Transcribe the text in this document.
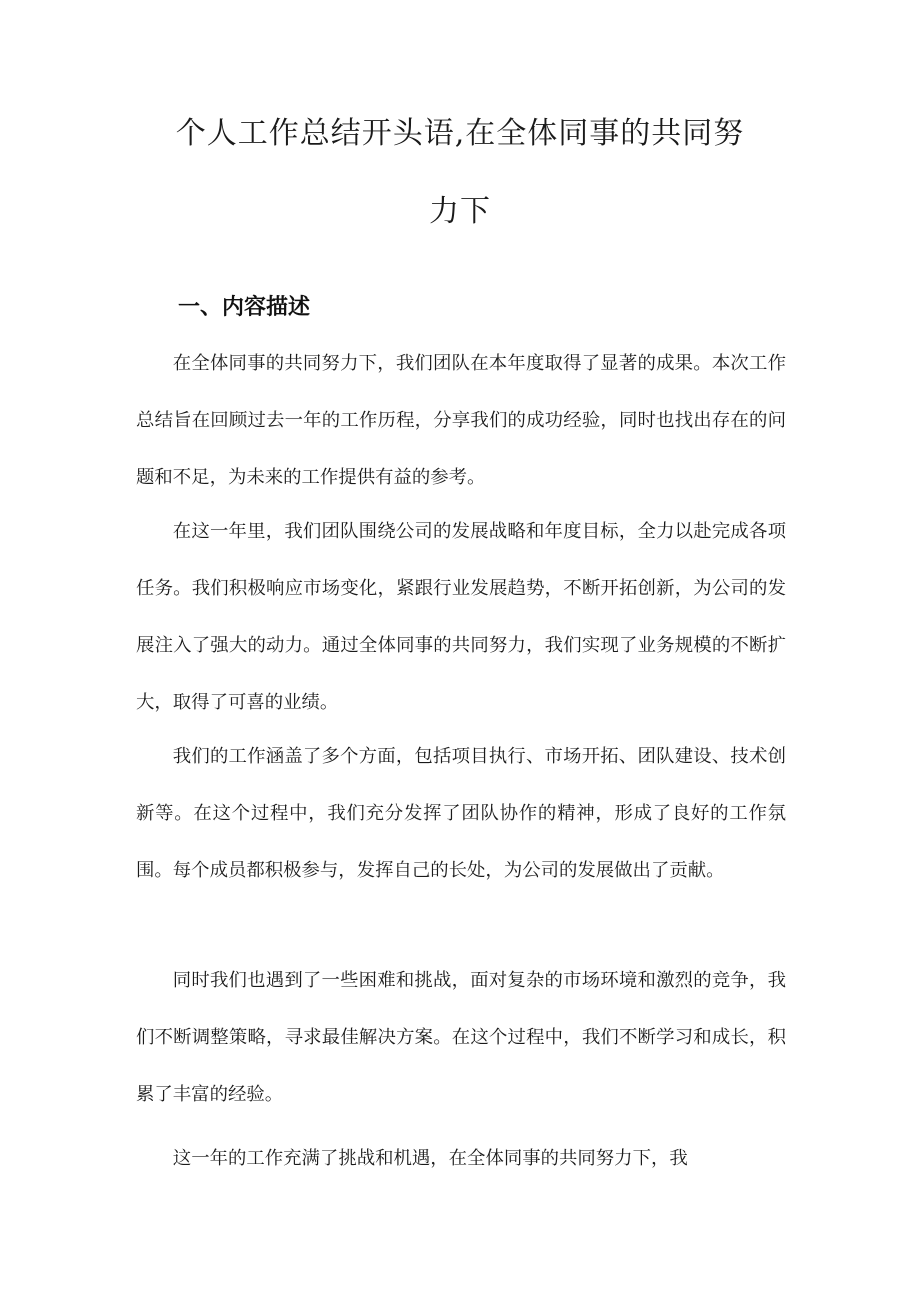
个人工作总结开头语,在全体同事的共同努
力下
一、内容描述

在全体同事的共同努力下，我们团队在本年度取得了显著的成果。本次工作总结旨在回顾过去一年的工作历程，分享我们的成功经验，同时也找出存在的问题和不足，为未来的工作提供有益的参考。

在这一年里，我们团队围绕公司的发展战略和年度目标，全力以赴完成各项任务。我们积极响应市场变化，紧跟行业发展趋势，不断开拓创新，为公司的发展注入了强大的动力。通过全体同事的共同努力，我们实现了业务规模的不断扩大，取得了可喜的业绩。

我们的工作涵盖了多个方面，包括项目执行、市场开拓、团队建设、技术创新等。在这个过程中，我们充分发挥了团队协作的精神，形成了良好的工作氛围。每个成员都积极参与，发挥自己的长处，为公司的发展做出了贡献。

同时我们也遇到了一些困难和挑战，面对复杂的市场环境和激烈的竞争，我们不断调整策略，寻求最佳解决方案。在这个过程中，我们不断学习和成长，积累了丰富的经验。

这一年的工作充满了挑战和机遇，在全体同事的共同努力下，我
